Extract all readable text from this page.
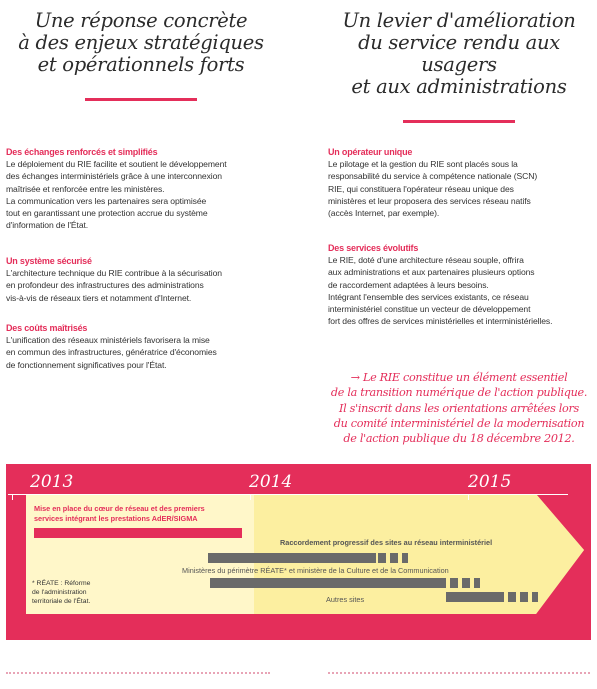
Une réponse concrète
à des enjeux stratégiques
et opérationnels forts
Des échanges renforcés et simplifiés

Le déploiement du RIE facilite et soutient le développement
des échanges interministériels grâce à une interconnexion
maîtrisée et renforcée entre les ministères.
La communication vers les partenaires sera optimisée
tout en garantissant une protection accrue du système
d'information de l'État.

Un système sécurisé

L'architecture technique du RIE contribue à la sécurisation
en profondeur des infrastructures des administrations
vis-à-vis de réseaux tiers et notamment d'Internet.

Des coûts maîtrisés

L'unification des réseaux ministériels favorisera la mise
en commun des infrastructures, génératrice d'économies
de fonctionnement significatives pour l'État.

Un levier d'amélioration
du service rendu aux usagers
et aux administrations
Un opérateur unique

Le pilotage et la gestion du RIE sont placés sous la
responsabilité du service à compétence nationale (SCN)
RIE, qui constituera l'opérateur réseau unique des
ministères et leur proposera des services réseau natifs
(accès Internet, par exemple).

Des services évolutifs

Le RIE, doté d'une architecture réseau souple, offrira
aux administrations et aux partenaires plusieurs options
de raccordement adaptées à leurs besoins.
Intégrant l'ensemble des services existants, ce réseau
interministériel constitue un vecteur de développement
fort des offres de services ministérielles et interministérielles.

→ Le RIE constitue un élément essentiel
de la transition numérique de l'action publique.
Il s'inscrit dans les orientations arrêtées lors
du comité interministériel de la modernisation
de l'action publique du 18 décembre 2012.
2013	2014	2015
Mise en place du cœur de réseau et des premiers
services intégrant les prestations AdER/SIGMA
Raccordement progressif des sites au réseau interministériel
Ministères du périmètre RÉATE* et ministère de la Culture et de la Communication
Autres sites
* RÉATE : Réforme
de l'administration
territoriale de l'État.
